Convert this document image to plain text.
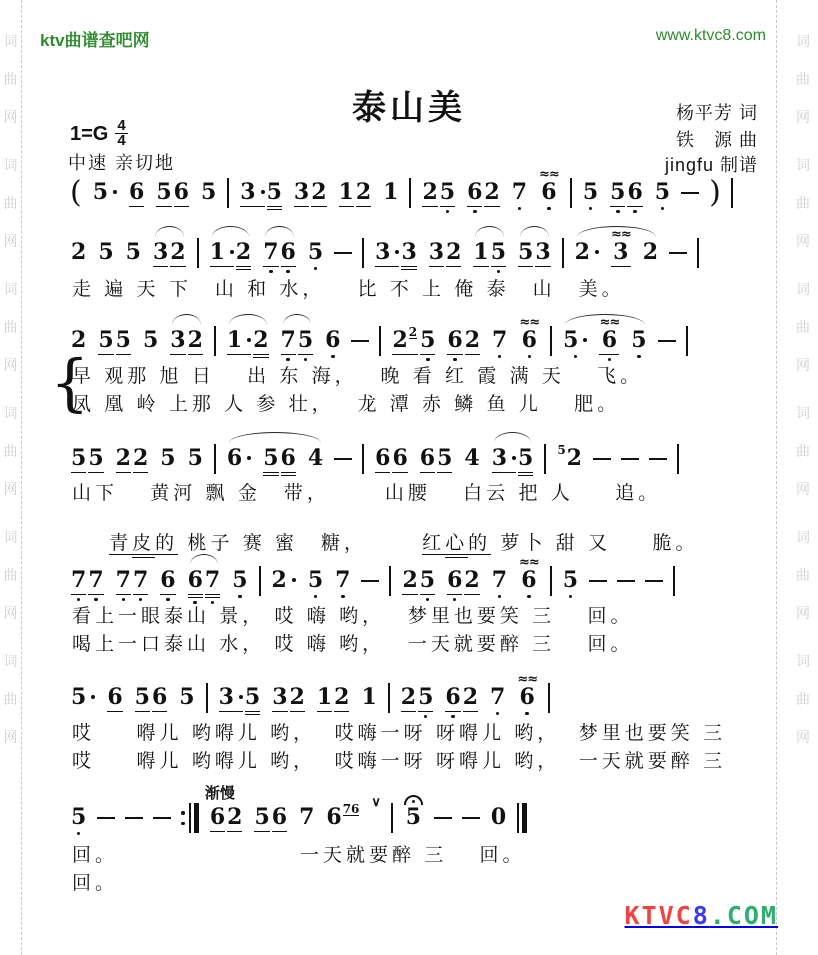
词
曲
网
词
曲
网
词
曲
网
词
曲
网
词
曲
网
词
曲
网
词
曲
网
词
曲
网
词
曲
网
词
曲
网
词
曲
网
词
曲
网
ktv曲谱查吧网	www.ktvc8.com
泰山美	杨平芳 词
铁　源 曲
jingfu 制谱
$1=G \frac{4}{4}$
中速 亲切地
( 5 6 5 6 5 3 5 3 2 1 2 1 2 5 6 2 7
≈≈
6 5 5 6 5 )
2 5 5 3 2 1 2 7 6 5 3 3 3 2 1 5 5 3 2
≈≈
3 2
2 5 5 5 3 2 1 2 7 5 6 2 2 5 6 2 7
≈≈
6 5
≈≈
6 5
5 5 2 2 5 5 6 5 6 4 6 6 6 5 4 3 5 5 2
7 7 7 7 6 6 7 5 2 5 7 2 5 6 2 7
≈≈
6 5
5 6 5 6 5 3 5 3 2 1 2 1 2 5 6 2 7
≈≈
6
5
渐慢
6 2 5 6 7 6 76 ∨
5	0
走 遍 天 下　山 和 水，　  比 不 上 俺 泰　山　美。
{
早 观那 旭 日　 出 东 海，　 晚 看 红 霞 满 天　 飞。
凤 凰 岭 上那 人 参 壮，　 龙 潭 赤 鳞 鱼 儿　 肥。
山下　 黄河 飘 金　带，　　  山腰　 白云 把 人　  追。

青皮的 桃子 赛 蜜　糖，　　  红心的 萝卜 甜 又　  脆。

看上一眼泰山 景， 哎 嗨 哟，　 梦里也要笑 三　 回。
喝上一口泰山 水， 哎 嗨 哟，　 一天就要醉 三　 回。
哎　  嘚儿 哟嘚儿 哟，  哎嗨一呀 呀嘚儿 哟，  梦里也要笑 三
哎　  嘚儿 哟嘚儿 哟，  哎嗨一呀 呀嘚儿 哟，  一天就要醉 三
回。	一天就要醉 三　 回。
回。
KTVC8.COM
